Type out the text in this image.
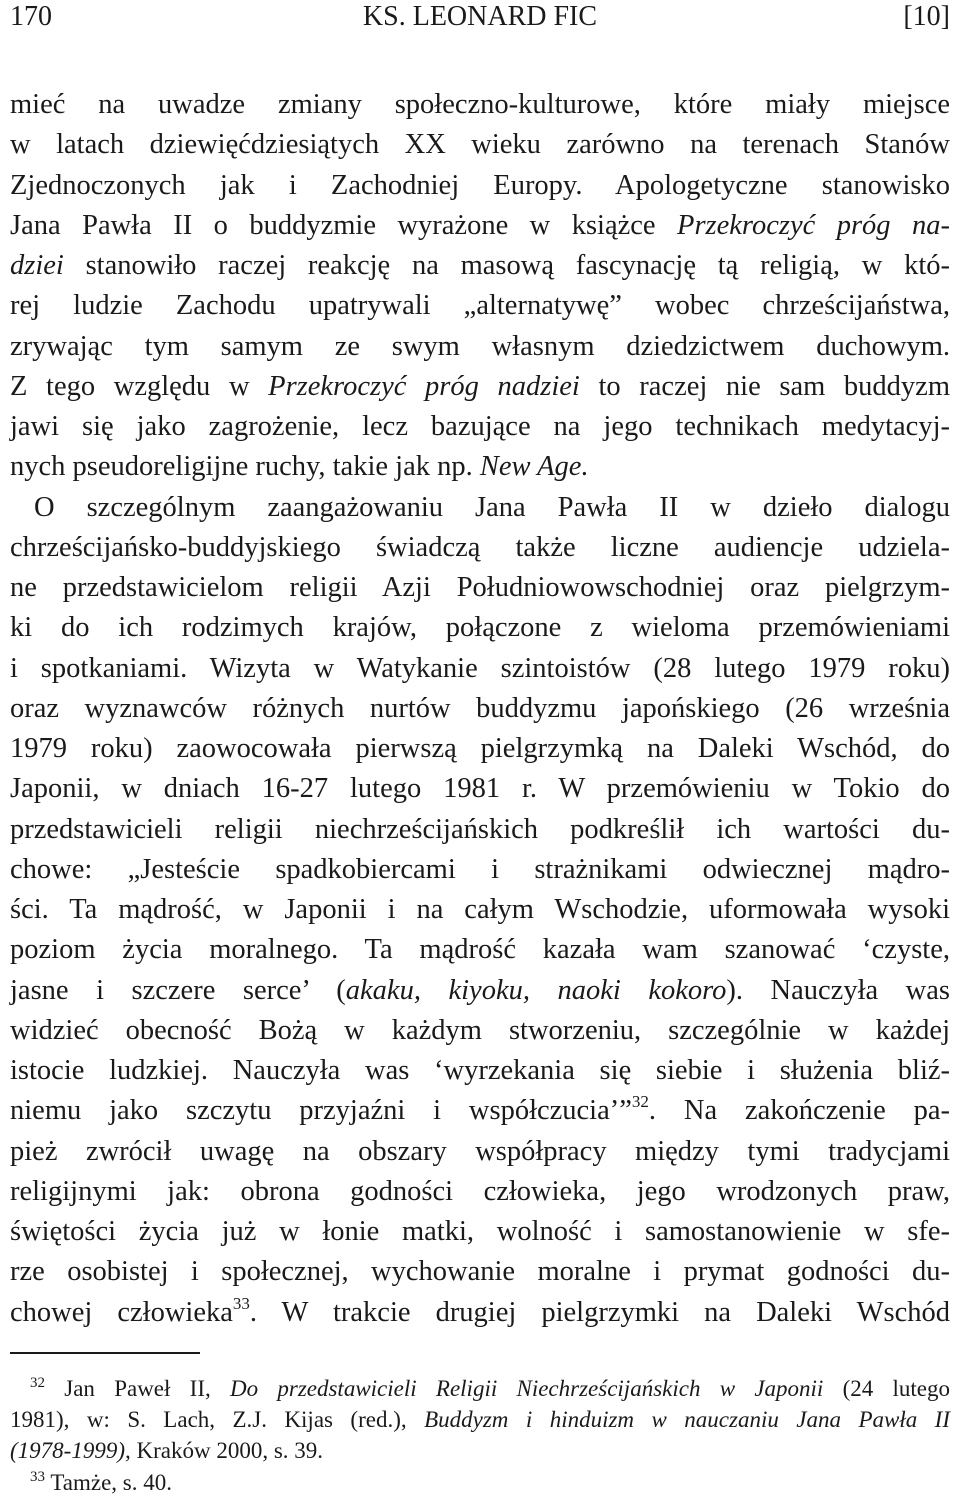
170	KS. LEONARD FIC	[10]
mieć na uwadze zmiany społeczno-kulturowe, które miały miejsce
w latach dziewięćdziesiątych XX wieku zarówno na terenach Stanów
Zjednoczonych jak i Zachodniej Europy. Apologetyczne stanowisko
Jana Pawła II o buddyzmie wyrażone w książce Przekroczyć próg na-
dziei stanowiło raczej reakcję na masową fascynację tą religią, w któ-
rej ludzie Zachodu upatrywali „alternatywę” wobec chrześcijaństwa,
zrywając tym samym ze swym własnym dziedzictwem duchowym.
Z tego względu w Przekroczyć próg nadziei to raczej nie sam buddyzm
jawi się jako zagrożenie, lecz bazujące na jego technikach medytacyj-
nych pseudoreligijne ruchy, takie jak np. New Age.
O szczególnym zaangażowaniu Jana Pawła II w dzieło dialogu
chrześcijańsko-buddyjskiego świadczą także liczne audiencje udziela-
ne przedstawicielom religii Azji Południowowschodniej oraz pielgrzym-
ki do ich rodzimych krajów, połączone z wieloma przemówieniami
i spotkaniami. Wizyta w Watykanie szintoistów (28 lutego 1979 roku)
oraz wyznawców różnych nurtów buddyzmu japońskiego (26 września
1979 roku) zaowocowała pierwszą pielgrzymką na Daleki Wschód, do
Japonii, w dniach 16-27 lutego 1981 r. W przemówieniu w Tokio do
przedstawicieli religii niechrześcijańskich podkreślił ich wartości du-
chowe: „Jesteście spadkobiercami i strażnikami odwiecznej mądro-
ści. Ta mądrość, w Japonii i na całym Wschodzie, uformowała wysoki
poziom życia moralnego. Ta mądrość kazała wam szanować ‘czyste,
jasne i szczere serce’ (akaku, kiyoku, naoki kokoro). Nauczyła was
widzieć obecność Bożą w każdym stworzeniu, szczególnie w każdej
istocie ludzkiej. Nauczyła was ‘wyrzekania się siebie i służenia bliź-
niemu jako szczytu przyjaźni i współczucia’”$^{32}$. Na zakończenie pa-
pież zwrócił uwagę na obszary współpracy między tymi tradycjami
religijnymi jak: obrona godności człowieka, jego wrodzonych praw,
świętości życia już w łonie matki, wolność i samostanowienie w sfe-
rze osobistej i społecznej, wychowanie moralne i prymat godności du-
chowej człowieka$^{33}$. W trakcie drugiej pielgrzymki na Daleki Wschód
$^{32}$ Jan Paweł II, Do przedstawicieli Religii Niechrześcijańskich w Japonii (24 lutego
1981), w: S. Lach, Z.J. Kijas (red.), Buddyzm i hinduizm w nauczaniu Jana Pawła II
(1978-1999), Kraków 2000, s. 39.
$^{33}$ Tamże, s. 40.
